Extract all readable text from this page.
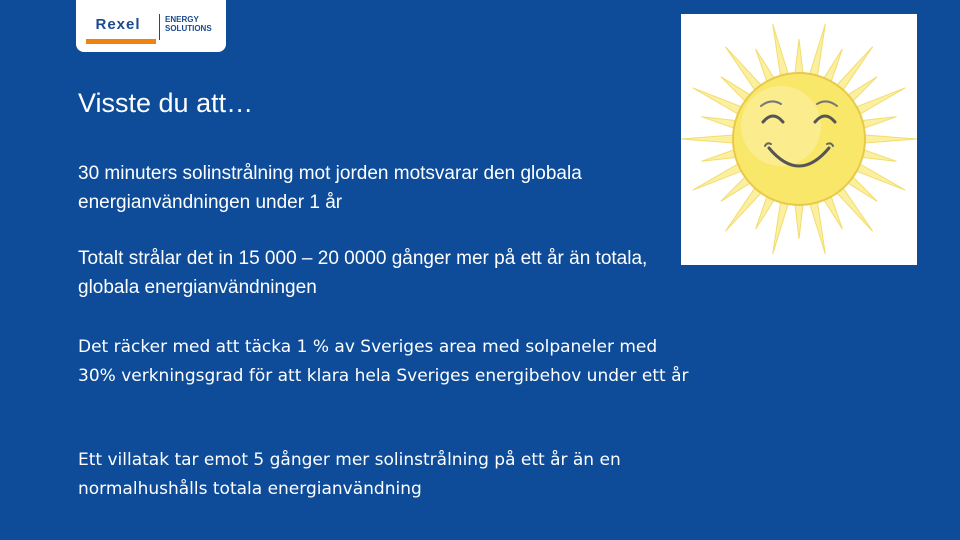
Rexel	ENERGY
SOLUTIONS
Visste du att…
30 minuters solinstrålning mot jorden motsvarar den globala energianvändningen under 1 år
Totalt strålar det in 15 000 – 20 0000 gånger mer på ett år än totala, globala energianvändningen
Det räcker med att täcka 1 % av Sveriges area med solpaneler med 30% verkningsgrad för att klara hela Sveriges energibehov under ett år
Ett villatak tar emot 5 gånger mer solinstrålning på ett år än en normalhushålls totala energianvändning
